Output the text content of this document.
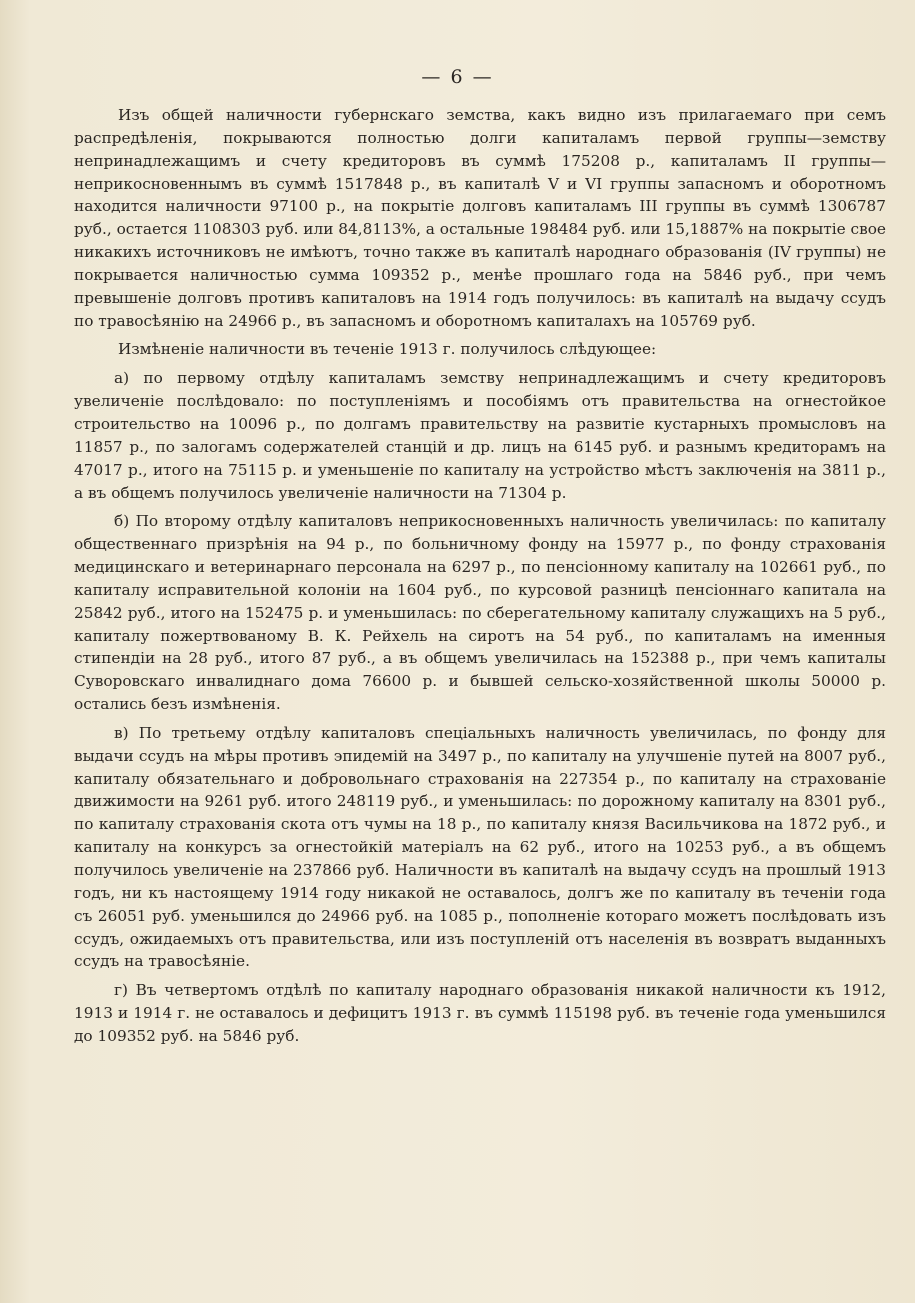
— 6 —

Изъ общей наличности губернскаго земства, какъ видно изъ прилагаемаго при семъ распредѣленія, покрываются полностью долги капиталамъ первой группы—земству непринадлежащимъ и счету кредиторовъ въ суммѣ 175208 р., капиталамъ II группы—неприкосновеннымъ въ суммѣ 1517848 р., въ капиталѣ V и VI группы запасномъ и оборотномъ находится наличности 97100 р., на покрытіе долговъ капиталамъ III группы въ суммѣ 1306787 руб., остается 1108303 руб. или 84,8113%, а остальные 198484 руб. или 15,1887% на покрытіе свое никакихъ источниковъ не имѣютъ, точно также въ капиталѣ народнаго образованія (IV группы) не покрывается наличностью сумма 109352 р., менѣе прошлаго года на 5846 руб., при чемъ превышеніе долговъ противъ капиталовъ на 1914 годъ получилось: въ капиталѣ на выдачу ссудъ по травосѣянію на 24966 р., въ запасномъ и оборотномъ капиталахъ на 105769 руб.

Измѣненіе наличности въ теченіе 1913 г. получилось слѣдующее:

а) по первому отдѣлу капиталамъ земству непринадлежащимъ и счету кредиторовъ увеличеніе послѣдовало: по поступленіямъ и пособіямъ отъ правительства на огнестойкое строительство на 10096 р., по долгамъ правительству на развитіе кустарныхъ промысловъ на 11857 р., по залогамъ содержателей станцій и др. лицъ на 6145 руб. и разнымъ кредиторамъ на 47017 р., итого на 75115 р. и уменьшеніе по капиталу на устройство мѣстъ заключенія на 3811 р., а въ общемъ получилось увеличеніе наличности на 71304 р.

б) По второму отдѣлу капиталовъ неприкосновенныхъ наличность увеличилась: по капиталу общественнаго призрѣнія на 94 р., по больничному фонду на 15977 р., по фонду страхованія медицинскаго и ветеринарнаго персонала на 6297 р., по пенсіонному капиталу на 102661 руб., по капиталу исправительной колоніи на 1604 руб., по курсовой разницѣ пенсіоннаго капитала на 25842 руб., итого на 152475 р. и уменьшилась: по сберегательному капиталу служащихъ на 5 руб., капиталу пожертвованому В. К. Рейхель на сиротъ на 54 руб., по капиталамъ на именныя стипендіи на 28 руб., итого 87 руб., а въ общемъ увеличилась на 152388 р., при чемъ капиталы Суворовскаго инвалиднаго дома 76600 р. и бывшей сельско-хозяйственной школы 50000 р. остались безъ измѣненія.

в) По третьему отдѣлу капиталовъ спеціальныхъ наличность увеличилась, по фонду для выдачи ссудъ на мѣры противъ эпидемій на 3497 р., по капиталу на улучшеніе путей на 8007 руб., капиталу обязательнаго и добровольнаго страхованія на 227354 р., по капиталу на страхованіе движимости на 9261 руб. итого 248119 руб., и уменьшилась: по дорожному капиталу на 8301 руб., по капиталу страхованія скота отъ чумы на 18 р., по капиталу князя Васильчикова на 1872 руб., и капиталу на конкурсъ за огнестойкій матеріалъ на 62 руб., итого на 10253 руб., а въ общемъ получилось увеличеніе на 237866 руб. Наличности въ капиталѣ на выдачу ссудъ на прошлый 1913 годъ, ни къ настоящему 1914 году никакой не оставалось, долгъ же по капиталу въ теченіи года съ 26051 руб. уменьшился до 24966 руб. на 1085 р., пополненіе котораго можетъ послѣдовать изъ ссудъ, ожидаемыхъ отъ правительства, или изъ поступленій отъ населенія въ возвратъ выданныхъ ссудъ на травосѣяніе.

г) Въ четвертомъ отдѣлѣ по капиталу народнаго образованія никакой наличности къ 1912, 1913 и 1914 г. не оставалось и дефицитъ 1913 г. въ суммѣ 115198 руб. въ теченіе года уменьшился до 109352 руб. на 5846 руб.
